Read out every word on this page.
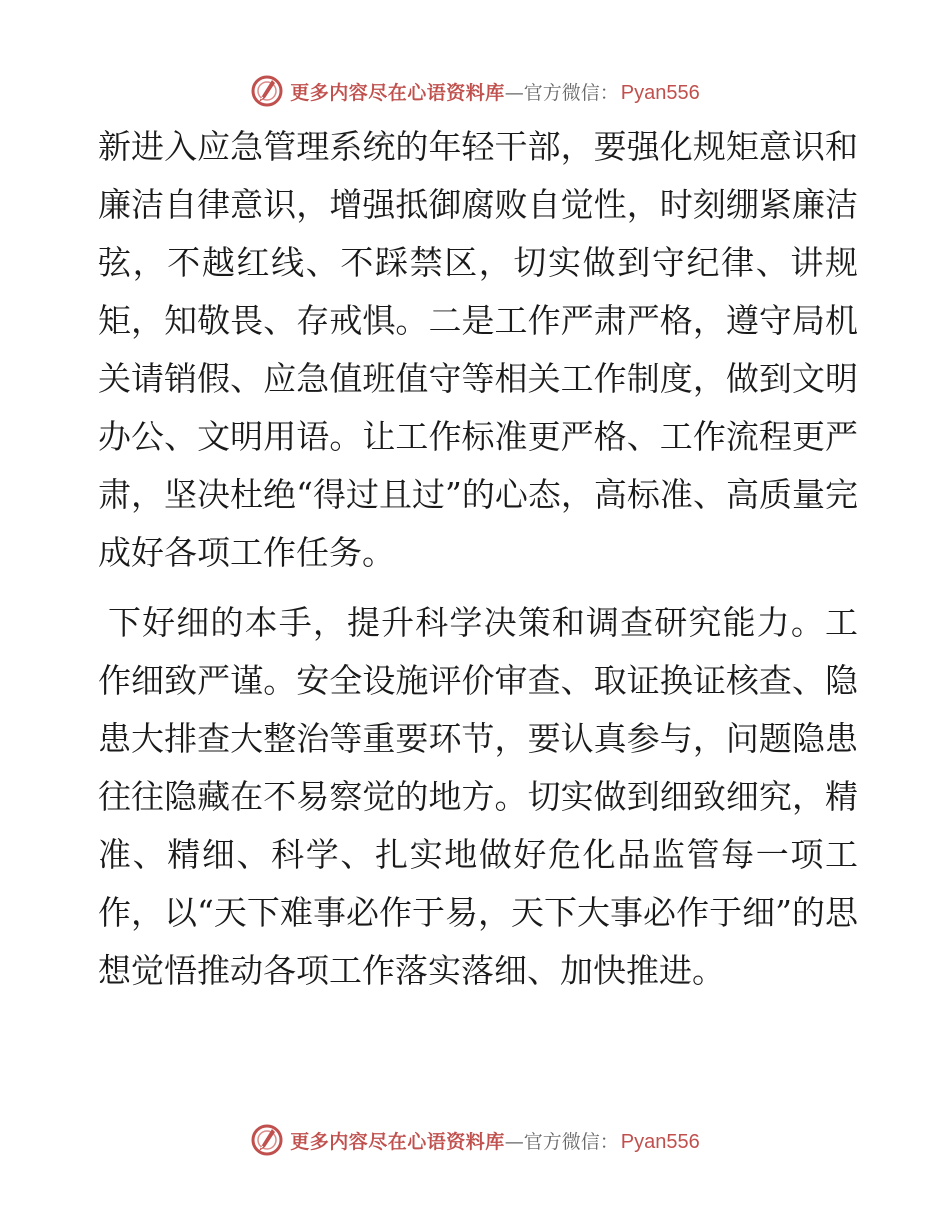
更多内容尽在心语资料库 —官方微信： Pyan556

新进入应急管理系统的年轻干部，要强化规矩意识和廉洁自律意识，增强抵御腐败自觉性，时刻绷紧廉洁弦，不越红线、不踩禁区，切实做到守纪律、讲规矩，知敬畏、存戒惧。二是工作严肃严格，遵守局机关请销假、应急值班值守等相关工作制度，做到文明办公、文明用语。让工作标准更严格、工作流程更严肃，坚决杜绝“得过且过”的心态，高标准、高质量完成好各项工作任务。

下好细的本手，提升科学决策和调查研究能力。工作细致严谨。安全设施评价审查、取证换证核查、隐患大排查大整治等重要环节，要认真参与，问题隐患往往隐藏在不易察觉的地方。切实做到细致细究，精准、精细、科学、扎实地做好危化品监管每一项工作，以“天下难事必作于易，天下大事必作于细”的思想觉悟推动各项工作落实落细、加快推进。

更多内容尽在心语资料库 —官方微信： Pyan556
